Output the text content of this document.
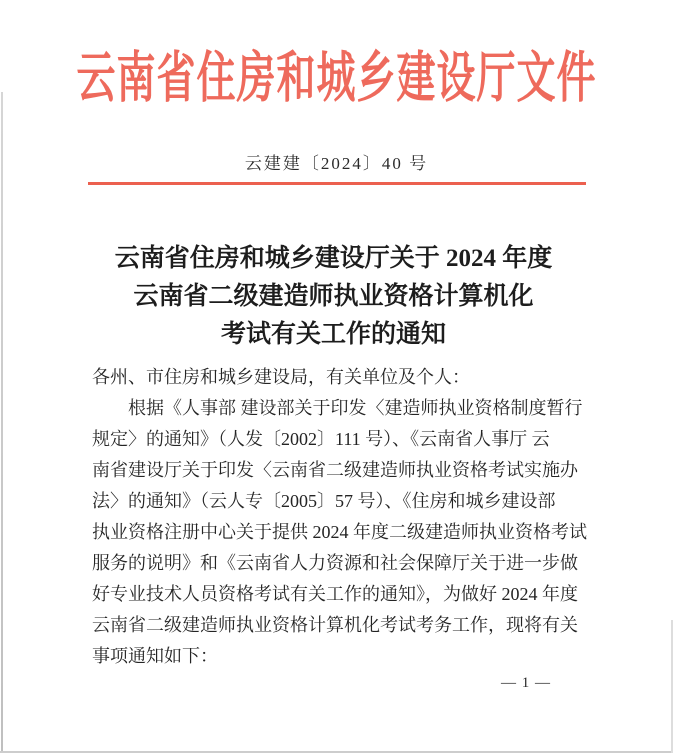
云南省住房和城乡建设厅文件
云建建〔2024〕40 号
云南省住房和城乡建设厅关于 2024 年度
云南省二级建造师执业资格计算机化
考试有关工作的通知
各州、市住房和城乡建设局，有关单位及个人：
根据《人事部 建设部关于印发〈建造师执业资格制度暂行
规定〉的通知》（人发〔2002〕111 号）、《云南省人事厅 云
南省建设厅关于印发〈云南省二级建造师执业资格考试实施办
法〉的通知》（云人专〔2005〕57 号）、《住房和城乡建设部
执业资格注册中心关于提供 2024 年度二级建造师执业资格考试
服务的说明》和《云南省人力资源和社会保障厅关于进一步做
好专业技术人员资格考试有关工作的通知》，为做好 2024 年度
云南省二级建造师执业资格计算机化考试考务工作，现将有关
事项通知如下：
— 1 —
